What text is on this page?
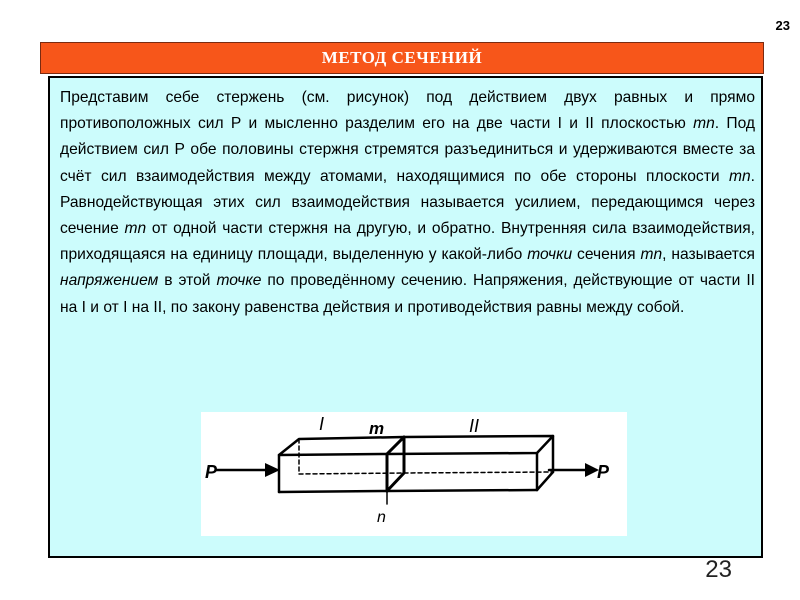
23
МЕТОД СЕЧЕНИЙ

Представим себе стержень (см. рисунок) под действием двух равных и прямо противоположных сил Р и мысленно разделим его на две части I и II плоскостью mn. Под действием сил Р обе половины стержня стремятся разъединиться и удерживаются вместе за счёт сил взаимодействия между атомами, находящимися по обе стороны плоскости mn. Равнодействующая этих сил взаимодействия называется усилием, передающимся через сечение mn от одной части стержня на другую, и обратно. Внутренняя сила взаимодействия, приходящаяся на единицу площади, выделенную у какой-либо точки сечения mn, называется напряжением в этой точке по проведённому сечению. Напряжения, действующие от части II на I и от I на II, по закону равенства действия и противодействия равны между собой.

I	m	II
n
P	P
23
